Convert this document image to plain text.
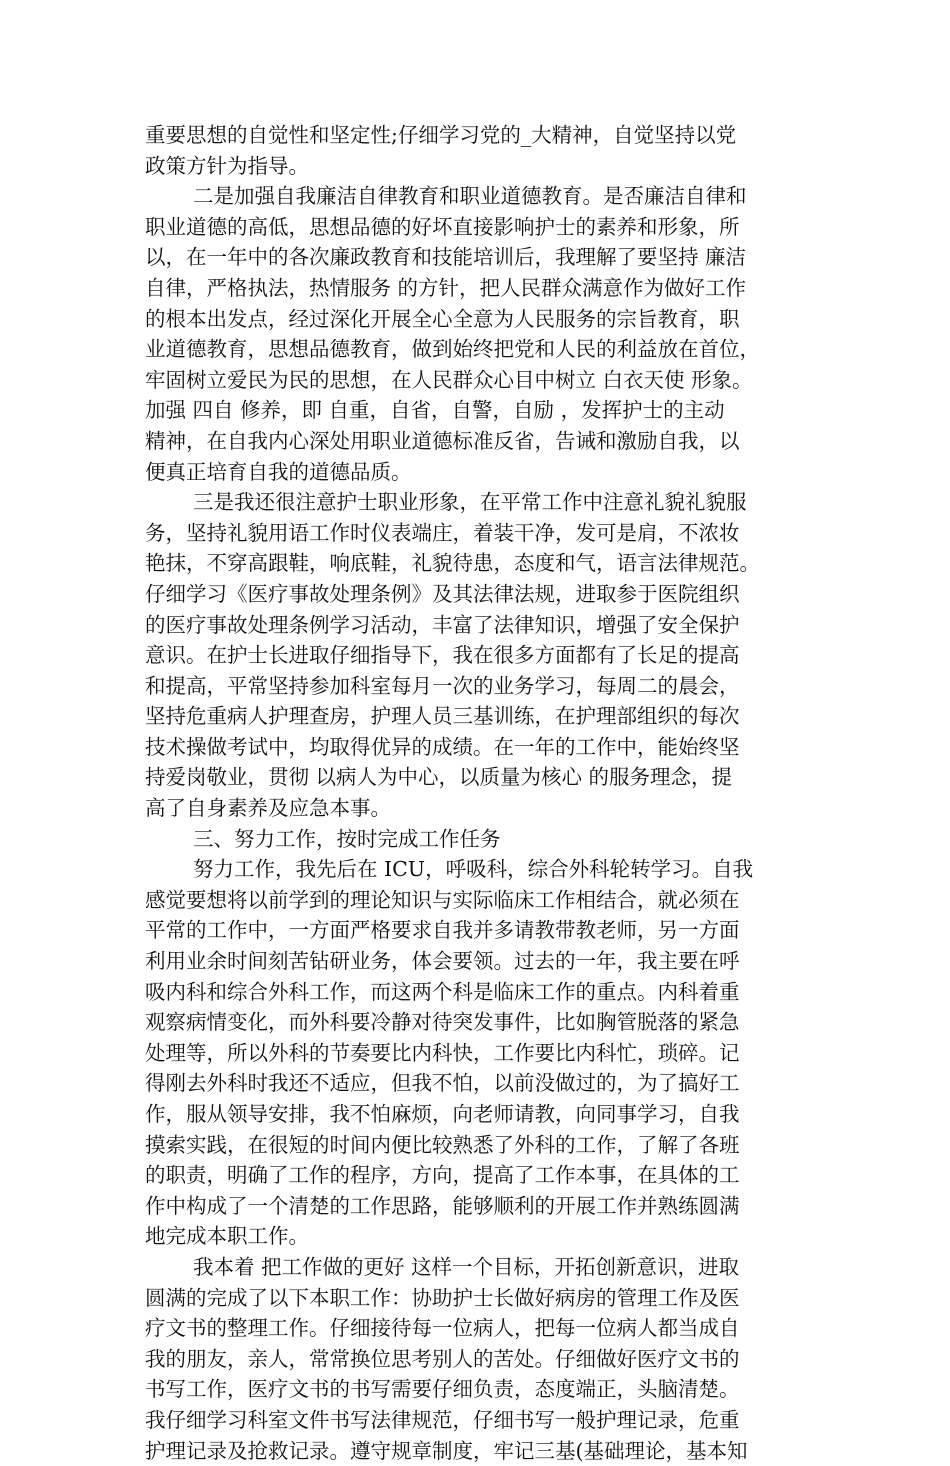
重要思想的自觉性和坚定性;仔细学习党的_大精神，自觉坚持以党
政策方针为指导。
二是加强自我廉洁自律教育和职业道德教育。是否廉洁自律和
职业道德的高低，思想品德的好坏直接影响护士的素养和形象，所
以，在一年中的各次廉政教育和技能培训后，我理解了要坚持 廉洁
自律，严格执法，热情服务 的方针，把人民群众满意作为做好工作
的根本出发点，经过深化开展全心全意为人民服务的宗旨教育，职
业道德教育，思想品德教育，做到始终把党和人民的利益放在首位，
牢固树立爱民为民的思想，在人民群众心目中树立 白衣天使 形象。
加强 四自 修养，即 自重，自省，自警，自励 ，发挥护士的主动
精神，在自我内心深处用职业道德标准反省，告诫和激励自我，以
便真正培育自我的道德品质。
三是我还很注意护士职业形象，在平常工作中注意礼貌礼貌服
务，坚持礼貌用语工作时仪表端庄，着装干净，发可是肩，不浓妆
艳抹，不穿高跟鞋，响底鞋，礼貌待患，态度和气，语言法律规范。
仔细学习《医疗事故处理条例》及其法律法规，进取参于医院组织
的医疗事故处理条例学习活动，丰富了法律知识，增强了安全保护
意识。在护士长进取仔细指导下，我在很多方面都有了长足的提高
和提高，平常坚持参加科室每月一次的业务学习，每周二的晨会，
坚持危重病人护理查房，护理人员三基训练，在护理部组织的每次
技术操做考试中，均取得优异的成绩。在一年的工作中，能始终坚
持爱岗敬业，贯彻 以病人为中心，以质量为核心 的服务理念，提
高了自身素养及应急本事。
三、努力工作，按时完成工作任务
努力工作，我先后在 ICU，呼吸科，综合外科轮转学习。自我
感觉要想将以前学到的理论知识与实际临床工作相结合，就必须在
平常的工作中，一方面严格要求自我并多请教带教老师，另一方面
利用业余时间刻苦钻研业务，体会要领。过去的一年，我主要在呼
吸内科和综合外科工作，而这两个科是临床工作的重点。内科着重
观察病情变化，而外科要冷静对待突发事件，比如胸管脱落的紧急
处理等，所以外科的节奏要比内科快，工作要比内科忙，琐碎。记
得刚去外科时我还不适应，但我不怕，以前没做过的，为了搞好工
作，服从领导安排，我不怕麻烦，向老师请教，向同事学习，自我
摸索实践，在很短的时间内便比较熟悉了外科的工作，了解了各班
的职责，明确了工作的程序，方向，提高了工作本事，在具体的工
作中构成了一个清楚的工作思路，能够顺利的开展工作并熟练圆满
地完成本职工作。
我本着 把工作做的更好 这样一个目标，开拓创新意识，进取
圆满的完成了以下本职工作：协助护士长做好病房的管理工作及医
疗文书的整理工作。仔细接待每一位病人，把每一位病人都当成自
我的朋友，亲人，常常换位思考别人的苦处。仔细做好医疗文书的
书写工作，医疗文书的书写需要仔细负责，态度端正，头脑清楚。
我仔细学习科室文件书写法律规范，仔细书写一般护理记录，危重
护理记录及抢救记录。遵守规章制度，牢记三基(基础理论，基本知
